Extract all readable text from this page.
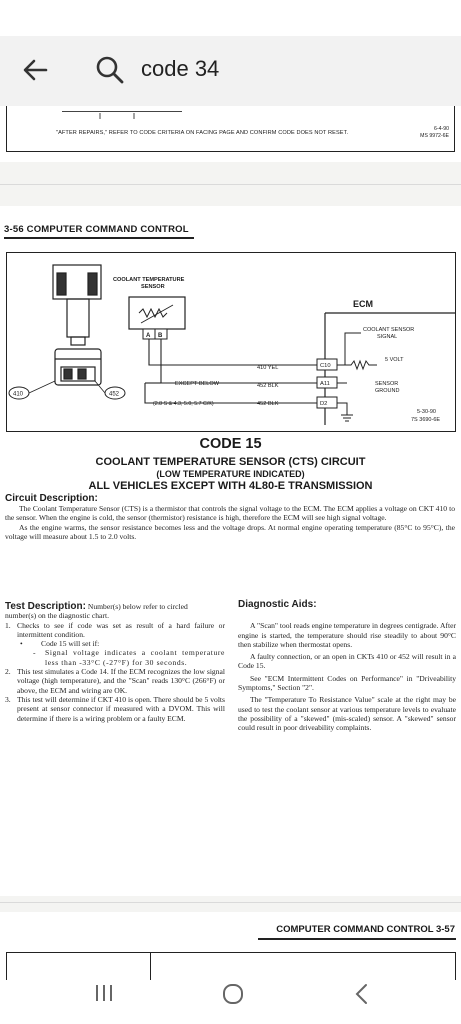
code 34
"AFTER REPAIRS," REFER TO CODE CRITERIA ON FACING PAGE AND CONFIRM CODE DOES NOT RESET.
6-4-90
MS 9972-6E
3-56 COMPUTER COMMAND CONTROL
410	452
COOLANT TEMPERATURE
SENSOR
A B
410 YEL
EXCEPT BELOW	452 BLK
(2.8 S & 4.3, 5.0, 5.7 C/K)	452 BLK
ECM
C10
A11
D2
COOLANT SENSOR
SIGNAL
5 VOLT
SENSOR
GROUND
5-30-90
7S 3690-6E
CODE 15
COOLANT TEMPERATURE SENSOR (CTS) CIRCUIT
(LOW TEMPERATURE INDICATED)
ALL VEHICLES EXCEPT WITH 4L80-E TRANSMISSION
Circuit Description:

The Coolant Temperature Sensor (CTS) is a thermistor that controls the signal voltage to the ECM. The ECM applies a voltage on CKT 410 to the sensor. When the engine is cold, the sensor (thermistor) resistance is high, therefore the ECM will see high signal voltage.

As the engine warms, the sensor resistance becomes less and the voltage drops. At normal engine operating temperature (85°C to 95°C), the voltage will measure about 1.5 to 2.0 volts.

Test Description: Number(s) below refer to circled
number(s) on the diagnostic chart.
1. Checks to see if code was set as result of a hard failure or intermittent condition.
• Code 15 will set if:
- Signal voltage indicates a coolant temperature less than -33°C (-27°F) for 30 seconds.
2. This test simulates a Code 14. If the ECM recognizes the low signal voltage (high temperature), and the "Scan" reads 130°C (266°F) or above, the ECM and wiring are OK.
3. This test will determine if CKT 410 is open. There should be 5 volts present at sensor connector if measured with a DVOM. This will determine if there is a wiring problem or a faulty ECM.
Diagnostic Aids:

A "Scan" tool reads engine temperature in degrees centigrade. After engine is started, the temperature should rise steadily to about 90°C then stabilize when thermostat opens.

A faulty connection, or an open in CKTs 410 or 452 will result in a Code 15.

See "ECM Intermittent Codes on Performance" in "Driveability Symptoms," Section "2".

The "Temperature To Resistance Value" scale at the right may be used to test the coolant sensor at various temperature levels to evaluate the possibility of a "skewed" (mis-scaled) sensor. A "skewed" sensor could result in poor driveability complaints.

COMPUTER COMMAND CONTROL 3-57
